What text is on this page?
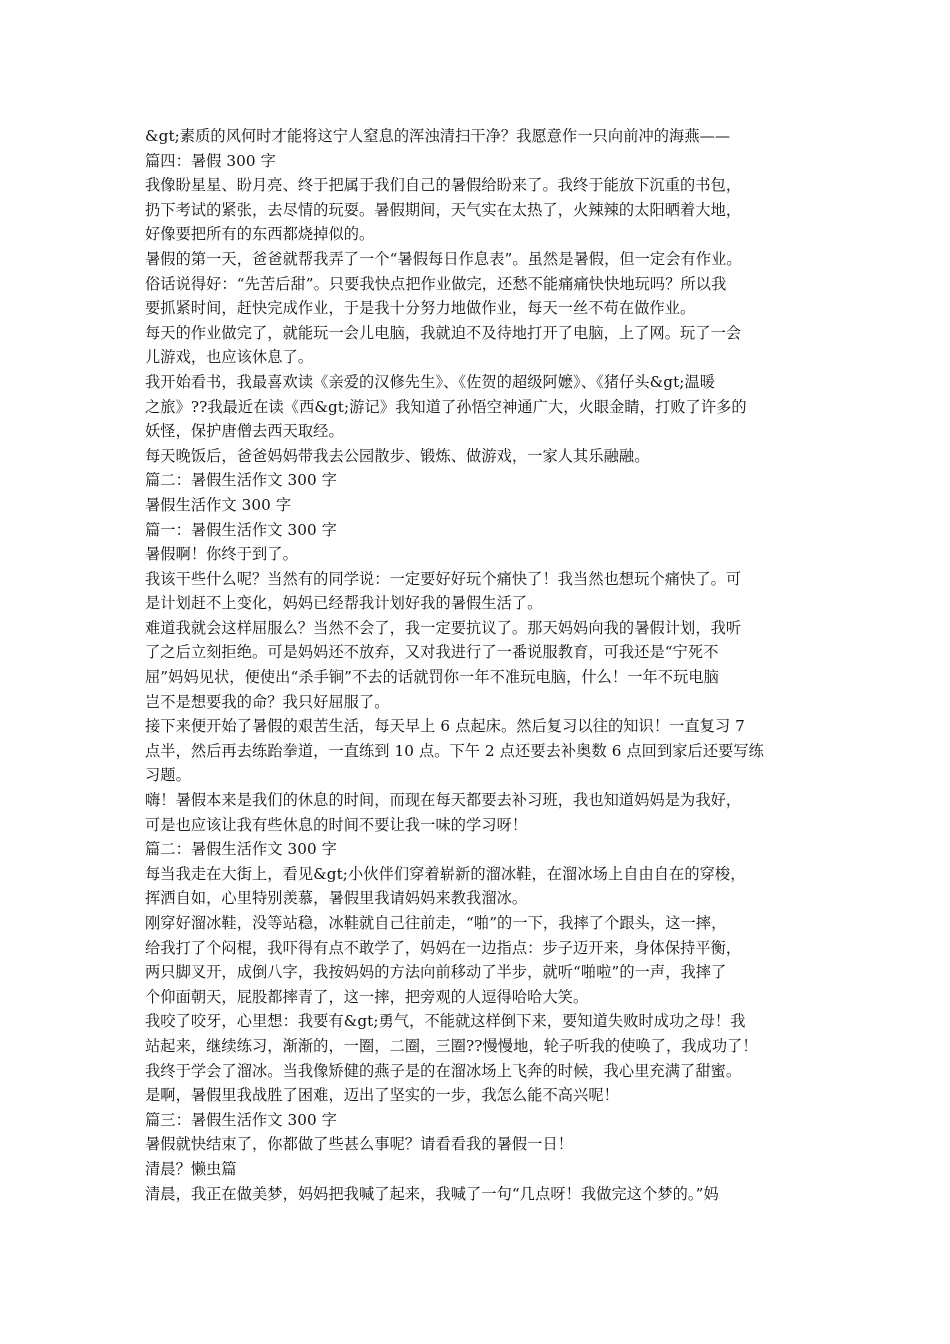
&gt;素质的风何时才能将这宁人窒息的浑浊清扫干净？我愿意作一只向前冲的海燕——
篇四：暑假 300 字
我像盼星星、盼月亮、终于把属于我们自己的暑假给盼来了。我终于能放下沉重的书包，
扔下考试的紧张，去尽情的玩耍。暑假期间，天气实在太热了，火辣辣的太阳晒着大地，
好像要把所有的东西都烧掉似的。
暑假的第一天，爸爸就帮我弄了一个“暑假每日作息表”。虽然是暑假，但一定会有作业。
俗话说得好：“先苦后甜”。只要我快点把作业做完，还愁不能痛痛快快地玩吗？所以我
要抓紧时间，赶快完成作业，于是我十分努力地做作业，每天一丝不苟在做作业。
每天的作业做完了，就能玩一会儿电脑，我就迫不及待地打开了电脑，上了网。玩了一会
儿游戏，也应该休息了。
我开始看书，我最喜欢读《亲爱的汉修先生》、《佐贺的超级阿嬷》、《猪仔头&gt;温暖
之旅》??我最近在读《西&gt;游记》我知道了孙悟空神通广大，火眼金睛，打败了许多的
妖怪，保护唐僧去西天取经。
每天晚饭后，爸爸妈妈带我去公园散步、锻炼、做游戏，一家人其乐融融。
篇二：暑假生活作文 300 字
暑假生活作文 300 字
篇一：暑假生活作文 300 字
暑假啊！你终于到了。
我该干些什么呢？当然有的同学说：一定要好好玩个痛快了！我当然也想玩个痛快了。可
是计划赶不上变化，妈妈已经帮我计划好我的暑假生活了。
难道我就会这样屈服么？当然不会了，我一定要抗议了。那天妈妈向我的暑假计划，我听
了之后立刻拒绝。可是妈妈还不放弃，又对我进行了一番说服教育，可我还是“宁死不
屈”妈妈见状，便使出“杀手锏”不去的话就罚你一年不准玩电脑，什么！一年不玩电脑
岂不是想要我的命？我只好屈服了。
接下来便开始了暑假的艰苦生活，每天早上 6 点起床。然后复习以往的知识！一直复习 7
点半，然后再去练跆拳道，一直练到 10 点。下午 2 点还要去补奥数 6 点回到家后还要写练
习题。
嗨！暑假本来是我们的休息的时间，而现在每天都要去补习班，我也知道妈妈是为我好，
可是也应该让我有些休息的时间不要让我一味的学习呀！
篇二：暑假生活作文 300 字
每当我走在大街上，看见&gt;小伙伴们穿着崭新的溜冰鞋，在溜冰场上自由自在的穿梭，
挥洒自如，心里特别羡慕，暑假里我请妈妈来教我溜冰。
刚穿好溜冰鞋，没等站稳，冰鞋就自己往前走，“啪”的一下，我摔了个跟头，这一摔，
给我打了个闷棍，我吓得有点不敢学了，妈妈在一边指点：步子迈开来，身体保持平衡，
两只脚叉开，成倒八字，我按妈妈的方法向前移动了半步，就听“啪啦”的一声，我摔了
个仰面朝天，屁股都摔青了，这一摔，把旁观的人逗得哈哈大笑。
我咬了咬牙，心里想：我要有&gt;勇气，不能就这样倒下来，要知道失败时成功之母！我
站起来，继续练习，渐渐的，一圈，二圈，三圈??慢慢地，轮子听我的使唤了，我成功了！
我终于学会了溜冰。当我像矫健的燕子是的在溜冰场上飞奔的时候，我心里充满了甜蜜。
是啊，暑假里我战胜了困难，迈出了坚实的一步，我怎么能不高兴呢！
篇三：暑假生活作文 300 字
暑假就快结束了，你都做了些甚么事呢？请看看我的暑假一日！
清晨？懒虫篇
清晨，我正在做美梦，妈妈把我喊了起来，我喊了一句“几点呀！我做完这个梦的。”妈
